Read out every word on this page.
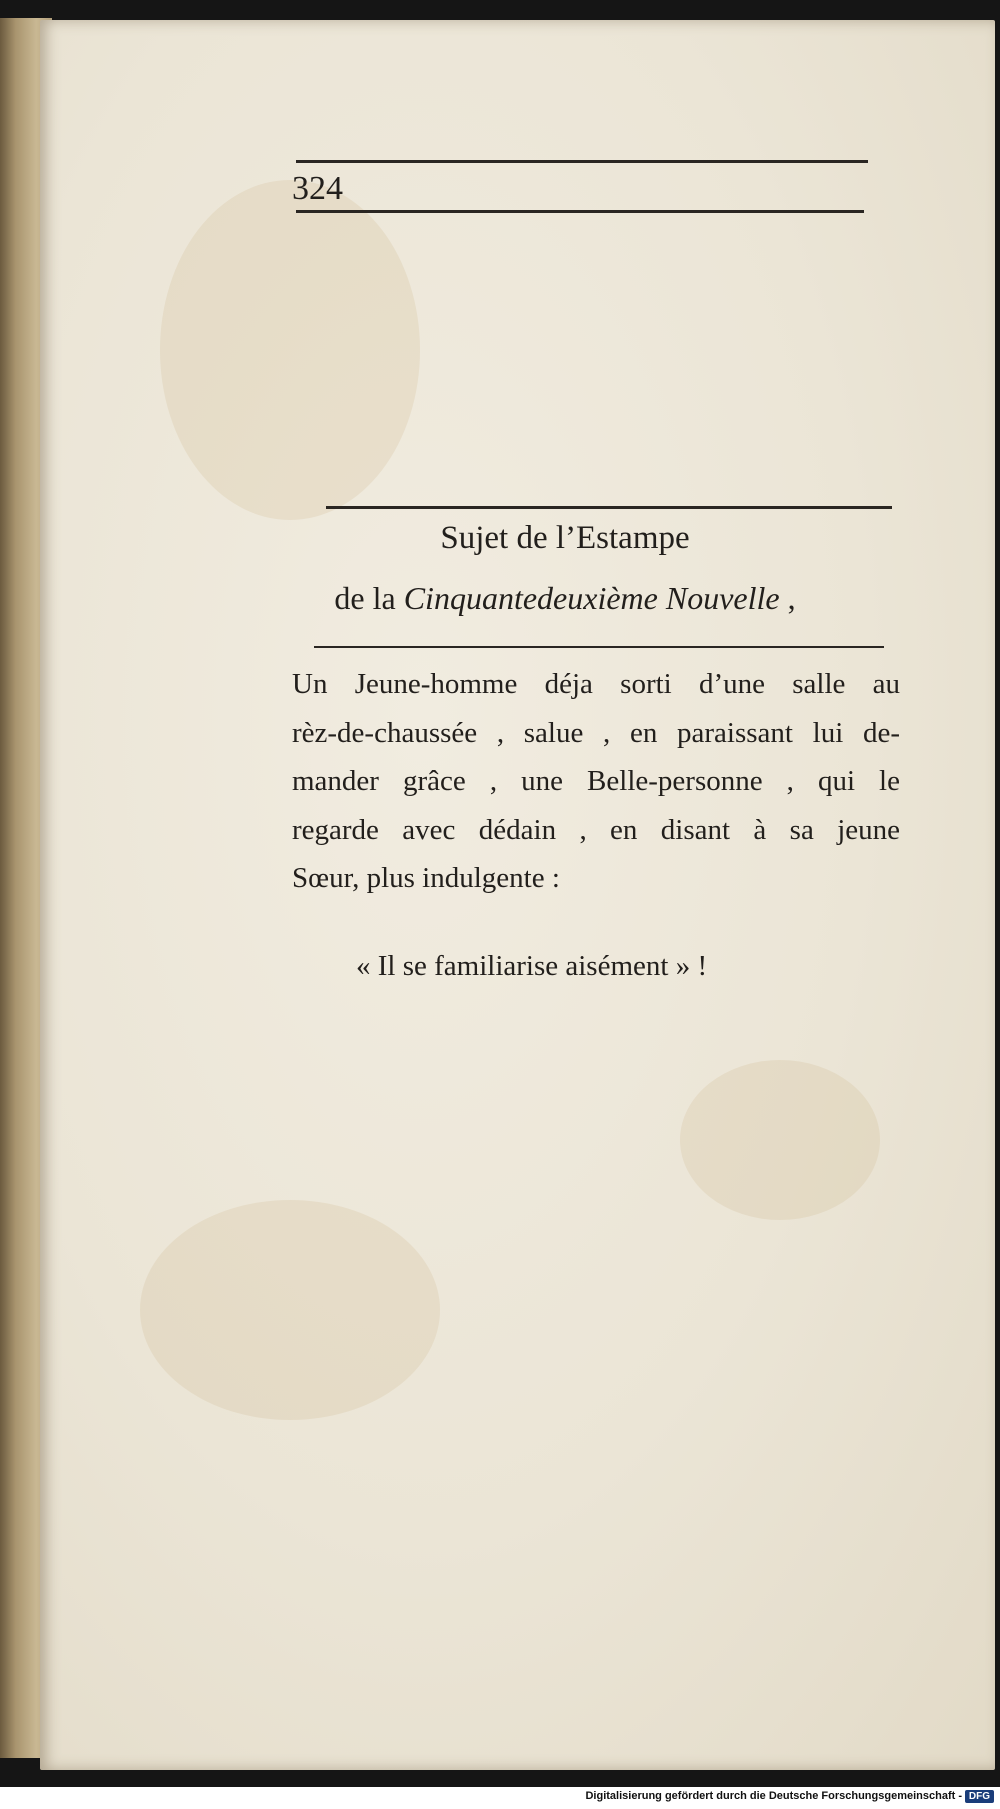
324
Sujet de l’Estampe
de la Cinquantedeuxième Nouvelle ,
Un Jeune-homme déja sorti d’une salle au
rèz-de-chaussée , salue , en paraissant lui de-
mander grâce , une Belle-personne , qui le
regarde avec dédain , en disant à sa jeune
Sœur, plus indulgente :
« Il se familiarise aisément » !
Digitalisierung gefördert durch die Deutsche Forschungsgemeinschaft - DFG
